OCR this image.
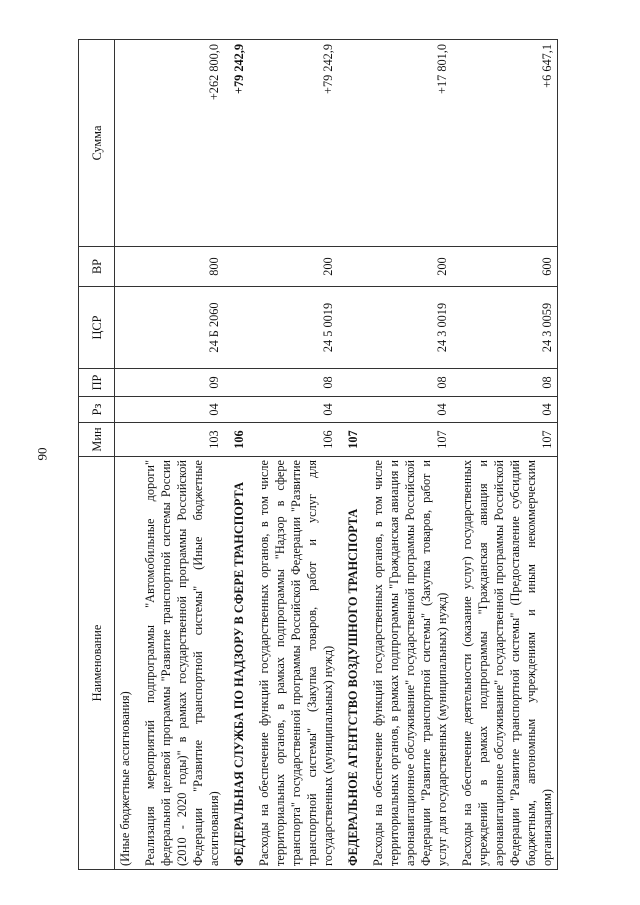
90
Наименование	Мин	Рз	ПР	ЦСР	ВР	Сумма
(Иные бюджетные ассигнования)						
Реализация мероприятий подпрограммы "Автомобильные дороги" федеральной целевой программы "Развитие транспортной системы России (2010 - 2020 годы)" в рамках государственной программы Российской Федерации "Развитие транспортной системы" (Иные бюджетные ассигнования)	103	04	09	24 Б 2060	800	+262 800,0
ФЕДЕРАЛЬНАЯ СЛУЖБА ПО НАДЗОРУ В СФЕРЕ ТРАНСПОРТА	106					+79 242,9
Расходы на обеспечение функций государственных органов, в том числе территориальных органов, в рамках подпрограммы "Надзор в сфере транспорта" государственной программы Российской Федерации "Развитие транспортной системы" (Закупка товаров, работ и услуг для государственных (муниципальных) нужд)	106	04	08	24 5 0019	200	+79 242,9
ФЕДЕРАЛЬНОЕ АГЕНТСТВО ВОЗДУШНОГО ТРАНСПОРТА	107					
Расходы на обеспечение функций государственных органов, в том числе территориальных органов, в рамках подпрограммы "Гражданская авиация и аэронавигационное обслуживание" государственной программы Российской Федерации "Развитие транспортной системы" (Закупка товаров, работ и услуг для государственных (муниципальных) нужд)	107	04	08	24 3 0019	200	+17 801,0
Расходы на обеспечение деятельности (оказание услуг) государственных учреждений в рамках подпрограммы "Гражданская авиация и аэронавигационное обслуживание" государственной программы Российской Федерации "Развитие транспортной системы" (Предоставление субсидий бюджетным, автономным учреждениям и иным некоммерческим организациям)	107	04	08	24 3 0059	600	+6 647,1
